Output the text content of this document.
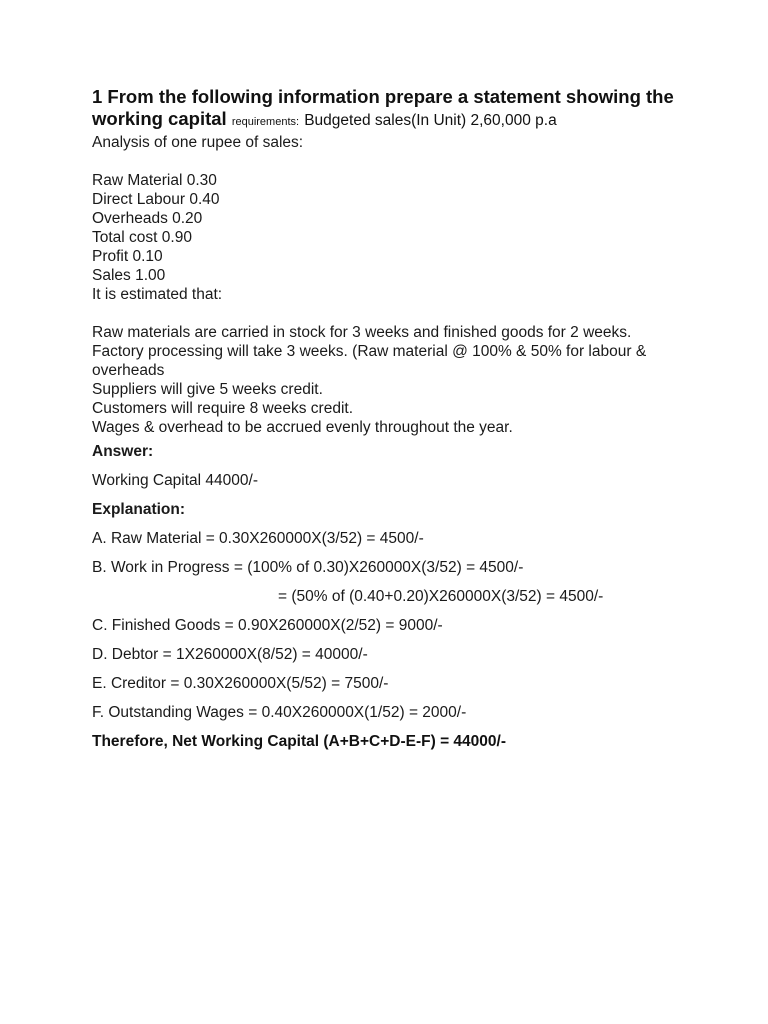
1 From the following information prepare a statement showing the working capital requirements: Budgeted sales(In Unit) 2,60,000 p.a

Analysis of one rupee of sales:

Raw Material 0.30
Direct Labour 0.40
Overheads 0.20
Total cost 0.90
Profit 0.10
Sales 1.00

It is estimated that:

Raw materials are carried in stock for 3 weeks and finished goods for 2 weeks.
Factory processing will take 3 weeks. (Raw material @ 100% & 50% for labour & overheads
Suppliers will give 5 weeks credit.
Customers will require 8 weeks credit.
Wages & overhead to be accrued evenly throughout the year.

Answer:

Working Capital 44000/-

Explanation:

A. Raw Material = 0.30X260000X(3/52) = 4500/-

B. Work in Progress = (100% of 0.30)X260000X(3/52) = 4500/-

= (50% of (0.40+0.20)X260000X(3/52) = 4500/-

C. Finished Goods = 0.90X260000X(2/52) = 9000/-

D. Debtor = 1X260000X(8/52) = 40000/-

E. Creditor = 0.30X260000X(5/52) = 7500/-

F. Outstanding Wages = 0.40X260000X(1/52) = 2000/-

Therefore, Net Working Capital (A+B+C+D-E-F) = 44000/-
